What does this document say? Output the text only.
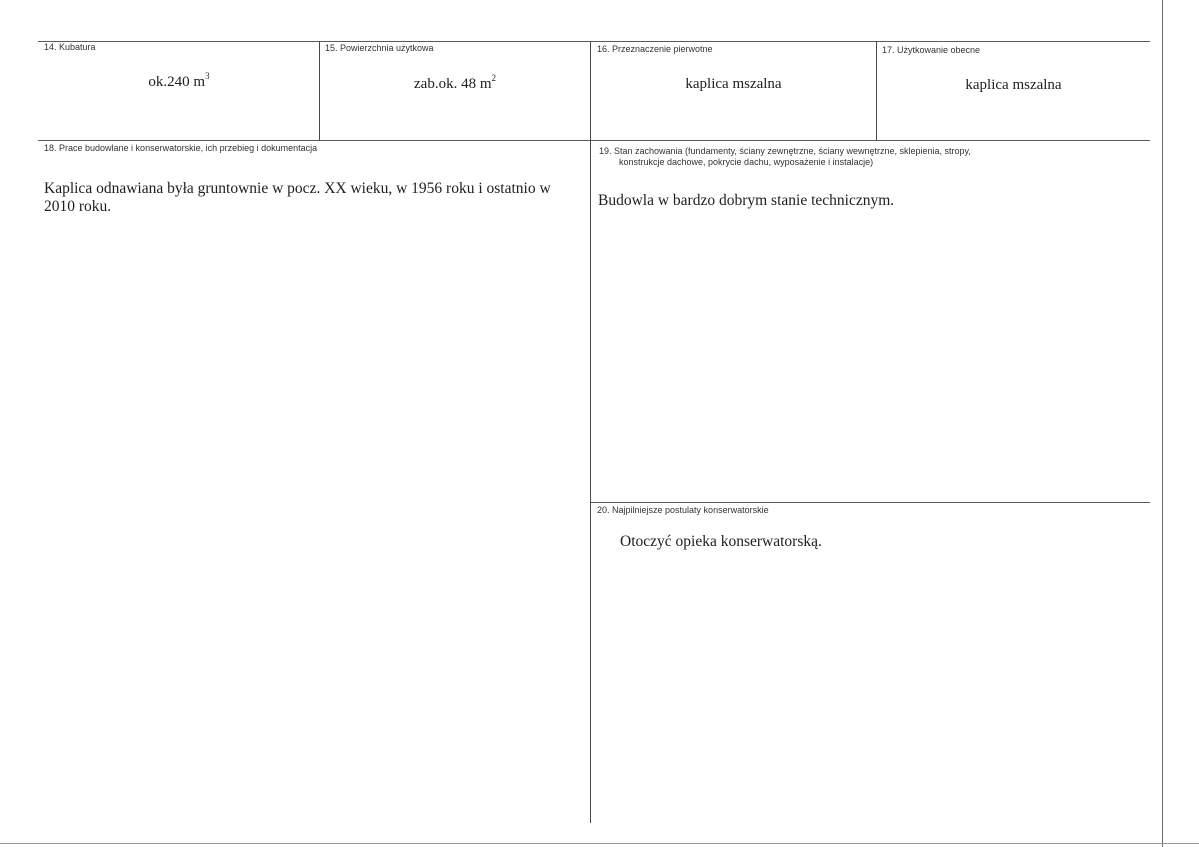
14. Kubatura
ok.240 $m^3$
15. Powierzchnia użytkowa
zab.ok. 48 $m^2$
16. Przeznaczenie pierwotne
kaplica mszalna
17. Użytkowanie obecne
kaplica mszalna
18. Prace budowlane i konserwatorskie, ich przebieg i dokumentacja
Kaplica odnawiana była gruntownie w pocz. XX wieku, w 1956 roku i ostatnio w 2010 roku.
19. Stan zachowania (fundamenty, ściany zewnętrzne, ściany wewnętrzne, sklepienia, stropy,
konstrukcje dachowe, pokrycie dachu, wyposażenie i instalacje)
Budowla w bardzo dobrym stanie technicznym.
20. Najpilniejsze postulaty konserwatorskie
Otoczyć opieka konserwatorską.
